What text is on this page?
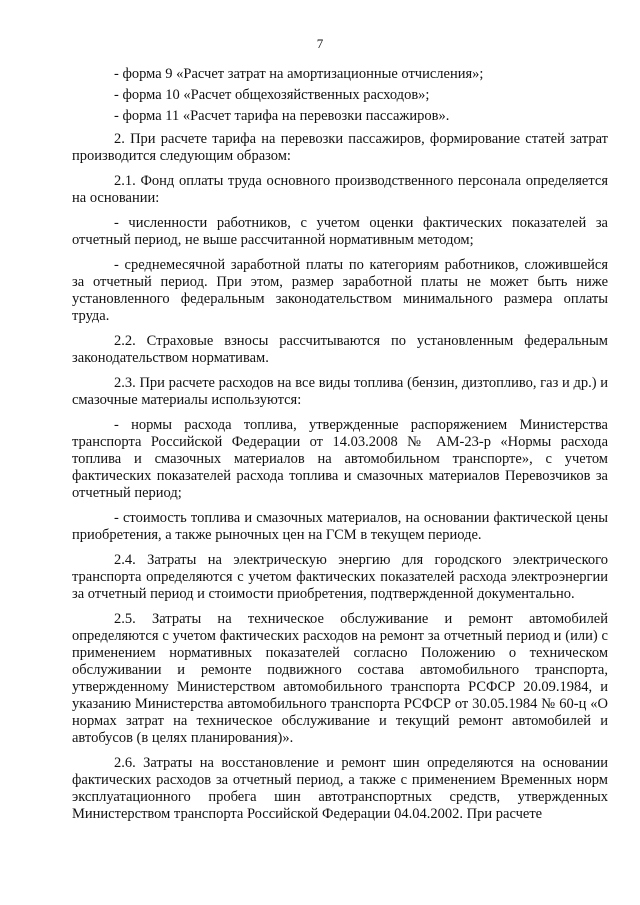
7

- форма 9 «Расчет затрат на амортизационные отчисления»;

- форма 10 «Расчет общехозяйственных расходов»;

- форма 11 «Расчет тарифа на перевозки пассажиров».

2. При расчете тарифа на перевозки пассажиров, формирование статей затрат производится следующим образом:

2.1. Фонд оплаты труда основного производственного персонала определяется на основании:

- численности работников, с учетом оценки фактических показателей за отчетный период, не выше рассчитанной нормативным методом;

- среднемесячной заработной платы по категориям работников, сложившейся за отчетный период. При этом, размер заработной платы не может быть ниже установленного федеральным законодательством минимального размера оплаты труда.

2.2. Страховые взносы рассчитываются по установленным федеральным законодательством нормативам.

2.3. При расчете расходов на все виды топлива (бензин, дизтопливо, газ и др.) и смазочные материалы используются:

- нормы расхода топлива, утвержденные распоряжением Министерства транспорта Российской Федерации от 14.03.2008 № АМ-23-р «Нормы расхода топлива и смазочных материалов на автомобильном транспорте», с учетом фактических показателей расхода топлива и смазочных материалов Перевозчиков за отчетный период;

- стоимость топлива и смазочных материалов, на основании фактической цены приобретения, а также рыночных цен на ГСМ в текущем периоде.

2.4. Затраты на электрическую энергию для городского электрического транспорта определяются с учетом фактических показателей расхода электроэнергии за отчетный период и стоимости приобретения, подтвержденной документально.

2.5. Затраты на техническое обслуживание и ремонт автомобилей определяются с учетом фактических расходов на ремонт за отчетный период и (или) с применением нормативных показателей согласно Положению о техническом обслуживании и ремонте подвижного состава автомобильного транспорта, утвержденному Министерством автомобильного транспорта РСФСР 20.09.1984, и указанию Министерства автомобильного транспорта РСФСР от 30.05.1984 № 60-ц «О нормах затрат на техническое обслуживание и текущий ремонт автомобилей и автобусов (в целях планирования)».

2.6. Затраты на восстановление и ремонт шин определяются на основании фактических расходов за отчетный период, а также с применением Временных норм эксплуатационного пробега шин автотранспортных средств, утвержденных Министерством транспорта Российской Федерации 04.04.2002. При расчете
